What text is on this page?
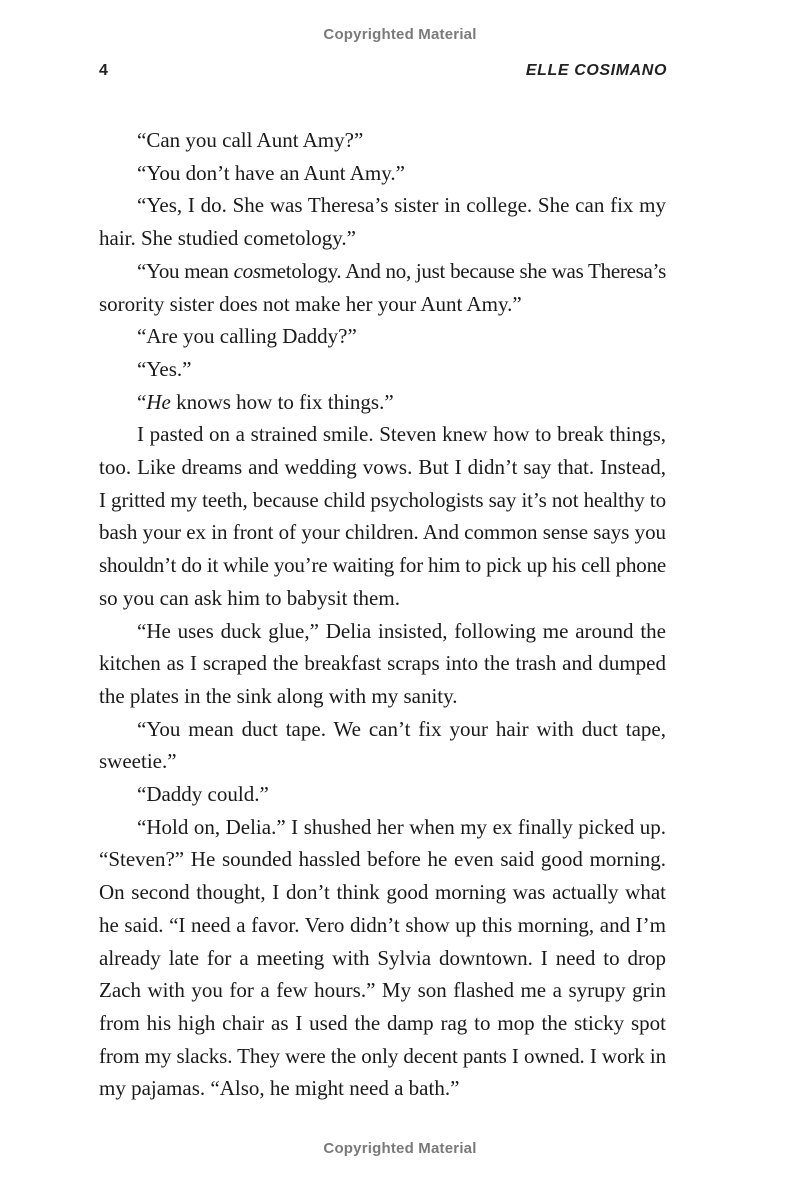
Copyrighted Material
4	ELLE COSIMANO
“Can you call Aunt Amy?”
“You don’t have an Aunt Amy.”
“Yes, I do. She was Theresa’s sister in college. She can fix my
hair. She studied cometology.”
“You mean cosmetology. And no, just because she was Theresa’s
sorority sister does not make her your Aunt Amy.”
“Are you calling Daddy?”
“Yes.”
“He knows how to fix things.”
I pasted on a strained smile. Steven knew how to break things,
too. Like dreams and wedding vows. But I didn’t say that. Instead,
I gritted my teeth, because child psychologists say it’s not healthy to
bash your ex in front of your children. And common sense says you
shouldn’t do it while you’re waiting for him to pick up his cell phone
so you can ask him to babysit them.
“He uses duck glue,” Delia insisted, following me around the
kitchen as I scraped the breakfast scraps into the trash and dumped
the plates in the sink along with my sanity.
“You mean duct tape. We can’t fix your hair with duct tape,
sweetie.”
“Daddy could.”
“Hold on, Delia.” I shushed her when my ex finally picked up.
“Steven?” He sounded hassled before he even said good morning.
On second thought, I don’t think good morning was actually what
he said. “I need a favor. Vero didn’t show up this morning, and I’m
already late for a meeting with Sylvia downtown. I need to drop
Zach with you for a few hours.” My son flashed me a syrupy grin
from his high chair as I used the damp rag to mop the sticky spot
from my slacks. They were the only decent pants I owned. I work in
my pajamas. “Also, he might need a bath.”
Copyrighted Material
